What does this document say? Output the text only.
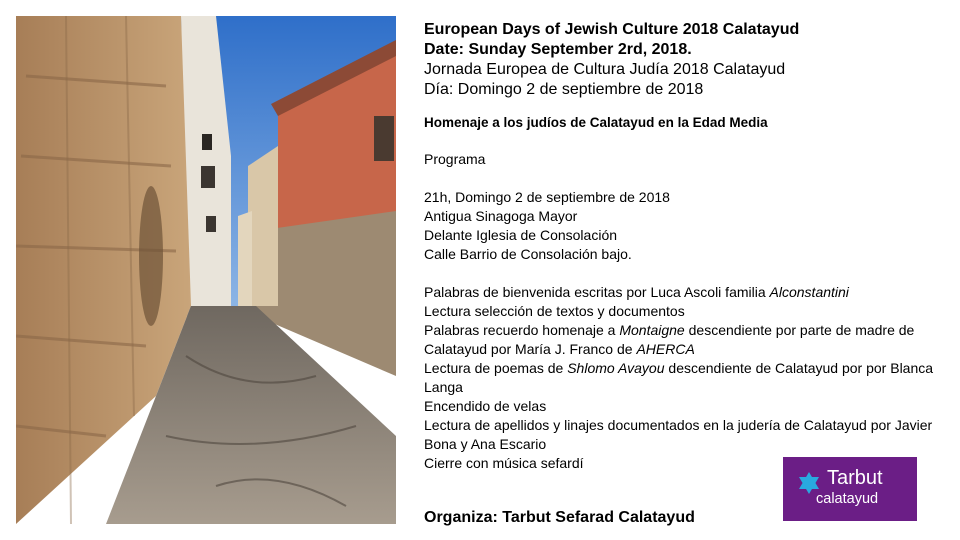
European Days of Jewish Culture 2018 Calatayud
Date: Sunday September 2rd, 2018.
Jornada Europea de Cultura Judía 2018 Calatayud
Día: Domingo 2 de septiembre de 2018
Homenaje a los judíos de Calatayud en la Edad Media
Programa
21h, Domingo 2 de septiembre de 2018
Antigua Sinagoga Mayor
Delante Iglesia de Consolación
Calle Barrio de Consolación bajo.
Palabras de bienvenida escritas por Luca Ascoli familia Alconstantini
Lectura selección de textos y documentos
Palabras recuerdo homenaje a Montaigne descendiente por parte de madre de Calatayud por María J. Franco de AHERCA
Lectura de poemas de Shlomo Avayou descendiente de Calatayud por por Blanca Langa
Encendido de velas
Lectura de apellidos y linajes documentados en la judería de Calatayud por Javier Bona y Ana Escario
Cierre con música sefardí
Organiza: Tarbut Sefarad Calatayud
Tarbut
calatayud
